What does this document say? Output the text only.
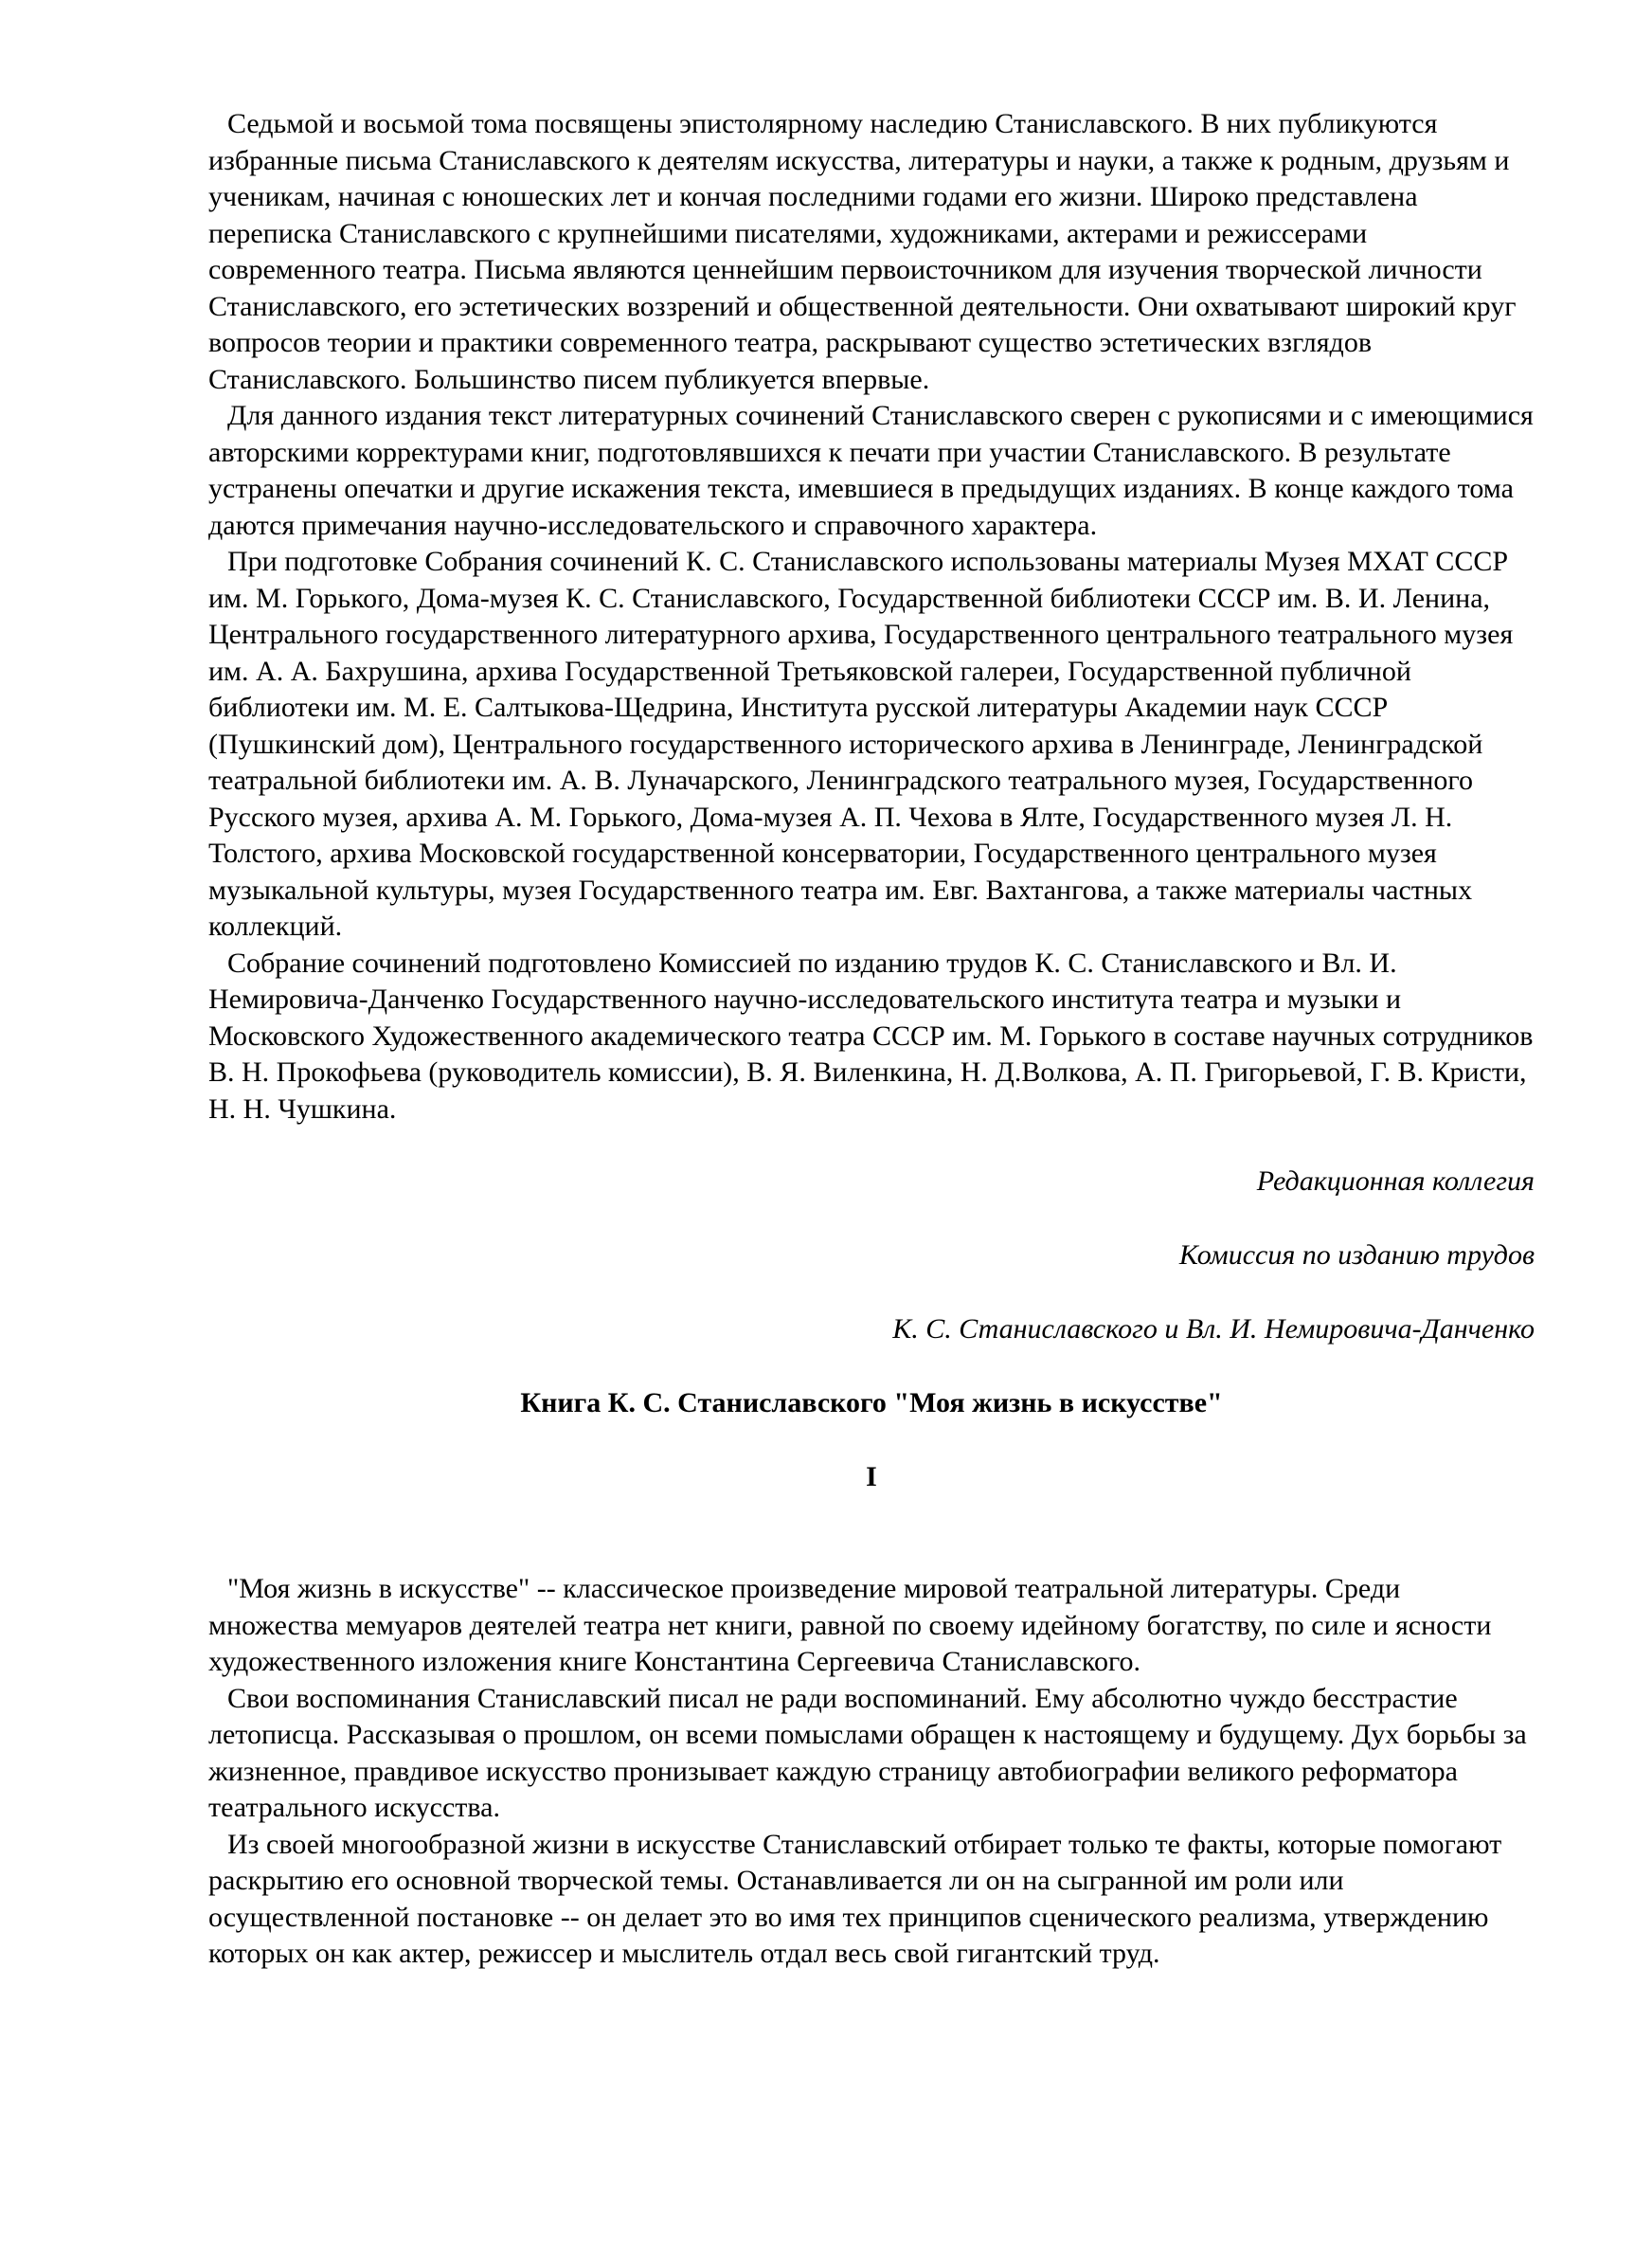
Седьмой и восьмой тома посвящены эпистолярному наследию Станиславского. В них публикуются избранные письма Станиславского к деятелям искусства, литературы и науки, а также к родным, друзьям и ученикам, начиная с юношеских лет и кончая последними годами его жизни. Широко представлена переписка Станиславского с крупнейшими писателями, художниками, актерами и режиссерами современного театра. Письма являются ценнейшим первоисточником для изучения творческой личности Станиславского, его эстетических воззрений и общественной деятельности. Они охватывают широкий круг вопросов теории и практики современного театра, раскрывают существо эстетических взглядов Станиславского. Большинство писем публикуется впервые.

Для данного издания текст литературных сочинений Станиславского сверен с рукописями и с имеющимися авторскими корректурами книг, подготовлявшихся к печати при участии Станиславского. В результате устранены опечатки и другие искажения текста, имевшиеся в предыдущих изданиях. В конце каждого тома даются примечания научно-исследовательского и справочного характера.

При подготовке Собрания сочинений К. С. Станиславского использованы материалы Музея МХАТ СССР им. М. Горького, Дома-музея К. С. Станиславского, Государственной библиотеки СССР им. В. И. Ленина, Центрального государственного литературного архива, Государственного центрального театрального музея им. А. А. Бахрушина, архива Государственной Третьяковской галереи, Государственной публичной библиотеки им. М. Е. Салтыкова-Щедрина, Института русской литературы Академии наук СССР (Пушкинский дом), Центрального государственного исторического архива в Ленинграде, Ленинградской театральной библиотеки им. А. В. Луначарского, Ленинградского театрального музея, Государственного Русского музея, архива А. М. Горького, Дома-музея А. П. Чехова в Ялте, Государственного музея Л. Н. Толстого, архива Московской государственной консерватории, Государственного центрального музея музыкальной культуры, музея Государственного театра им. Евг. Вахтангова, а также материалы частных коллекций.

Собрание сочинений подготовлено Комиссией по изданию трудов К. С. Станиславского и Вл. И. Немировича-Данченко Государственного научно-исследовательского института театра и музыки и Московского Художественного академического театра СССР им. М. Горького в составе научных сотрудников В. Н. Прокофьева (руководитель комиссии), В. Я. Виленкина, Н. Д.Волкова, А. П. Григорьевой, Г. В. Кристи, Н. Н. Чушкина.

Редакционная коллегия

Комиссия по изданию трудов

К. С. Станиславского и Вл. И. Немировича-Данченко

Книга К. С. Станиславского "Моя жизнь в искусстве"
I

"Моя жизнь в искусстве" -- классическое произведение мировой театральной литературы. Среди множества мемуаров деятелей театра нет книги, равной по своему идейному богатству, по силе и ясности художественного изложения книге Константина Сергеевича Станиславского.

Свои воспоминания Станиславский писал не ради воспоминаний. Ему абсолютно чуждо бесстрастие летописца. Рассказывая о прошлом, он всеми помыслами обращен к настоящему и будущему. Дух борьбы за жизненное, правдивое искусство пронизывает каждую страницу автобиографии великого реформатора театрального искусства.

Из своей многообразной жизни в искусстве Станиславский отбирает только те факты, которые помогают раскрытию его основной творческой темы. Останавливается ли он на сыгранной им роли или осуществленной постановке -- он делает это во имя тех принципов сценического реализма, утверждению которых он как актер, режиссер и мыслитель отдал весь свой гигантский труд.
